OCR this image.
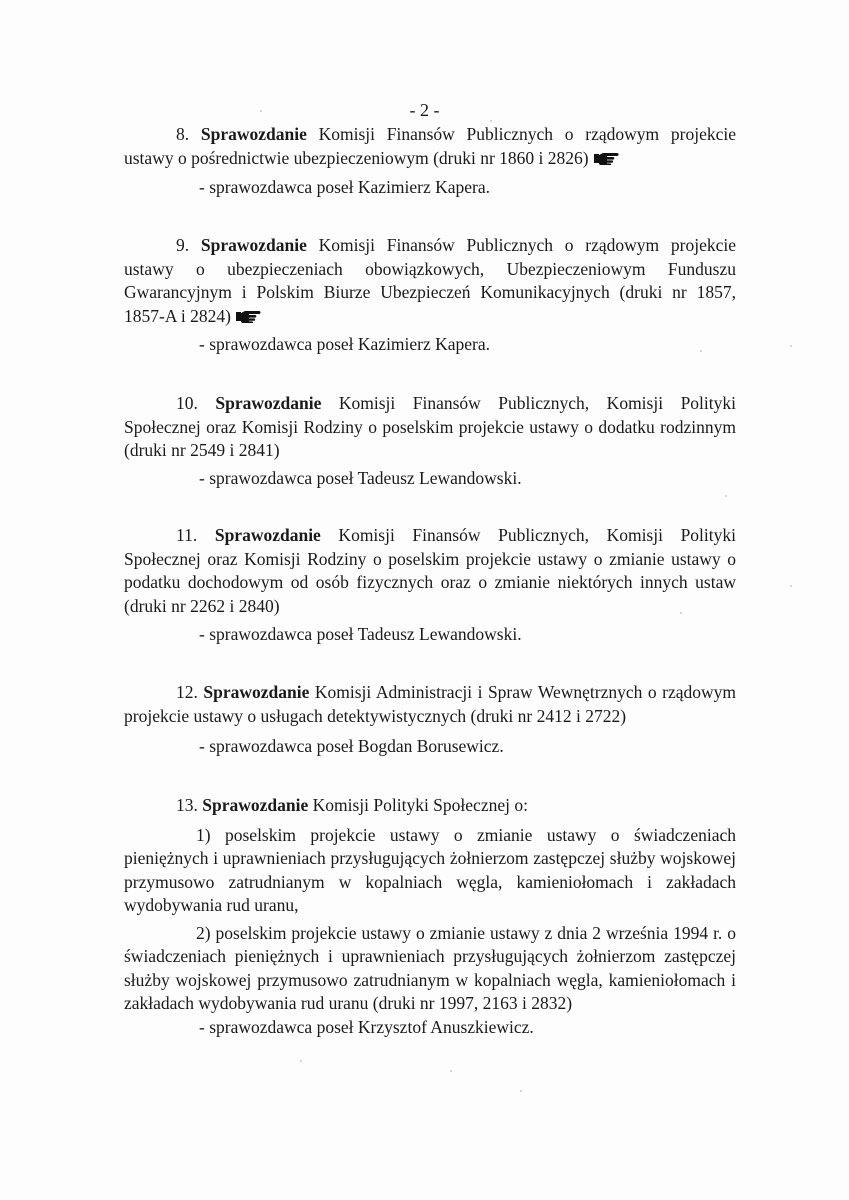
- 2 -

8. Sprawozdanie Komisji Finansów Publicznych o rządowym projekcie ustawy o pośrednictwie ubezpieczeniowym (druki nr 1860 i 2826)

- sprawozdawca poseł Kazimierz Kapera.

9. Sprawozdanie Komisji Finansów Publicznych o rządowym projekcie ustawy o ubezpieczeniach obowiązkowych, Ubezpieczeniowym Funduszu Gwarancyjnym i Polskim Biurze Ubezpieczeń Komunikacyjnych (druki nr 1857, 1857-A i 2824)

- sprawozdawca poseł Kazimierz Kapera.

10. Sprawozdanie Komisji Finansów Publicznych, Komisji Polityki Społecznej oraz Komisji Rodziny o poselskim projekcie ustawy o dodatku rodzinnym (druki nr 2549 i 2841)

- sprawozdawca poseł Tadeusz Lewandowski.

11. Sprawozdanie Komisji Finansów Publicznych, Komisji Polityki Społecznej oraz Komisji Rodziny o poselskim projekcie ustawy o zmianie ustawy o podatku dochodowym od osób fizycznych oraz o zmianie niektórych innych ustaw (druki nr 2262 i 2840)

- sprawozdawca poseł Tadeusz Lewandowski.

12. Sprawozdanie Komisji Administracji i Spraw Wewnętrznych o rządowym projekcie ustawy o usługach detektywistycznych (druki nr 2412 i 2722)

- sprawozdawca poseł Bogdan Borusewicz.

13. Sprawozdanie Komisji Polityki Społecznej o:

1) poselskim projekcie ustawy o zmianie ustawy o świadczeniach pieniężnych i uprawnieniach przysługujących żołnierzom zastępczej służby wojskowej przymusowo zatrudnianym w kopalniach węgla, kamieniołomach i zakładach wydobywania rud uranu,

2) poselskim projekcie ustawy o zmianie ustawy z dnia 2 września 1994 r. o świadczeniach pieniężnych i uprawnieniach przysługujących żołnierzom zastępczej służby wojskowej przymusowo zatrudnianym w kopalniach węgla, kamieniołomach i zakładach wydobywania rud uranu (druki nr 1997, 2163 i 2832)

- sprawozdawca poseł Krzysztof Anuszkiewicz.
